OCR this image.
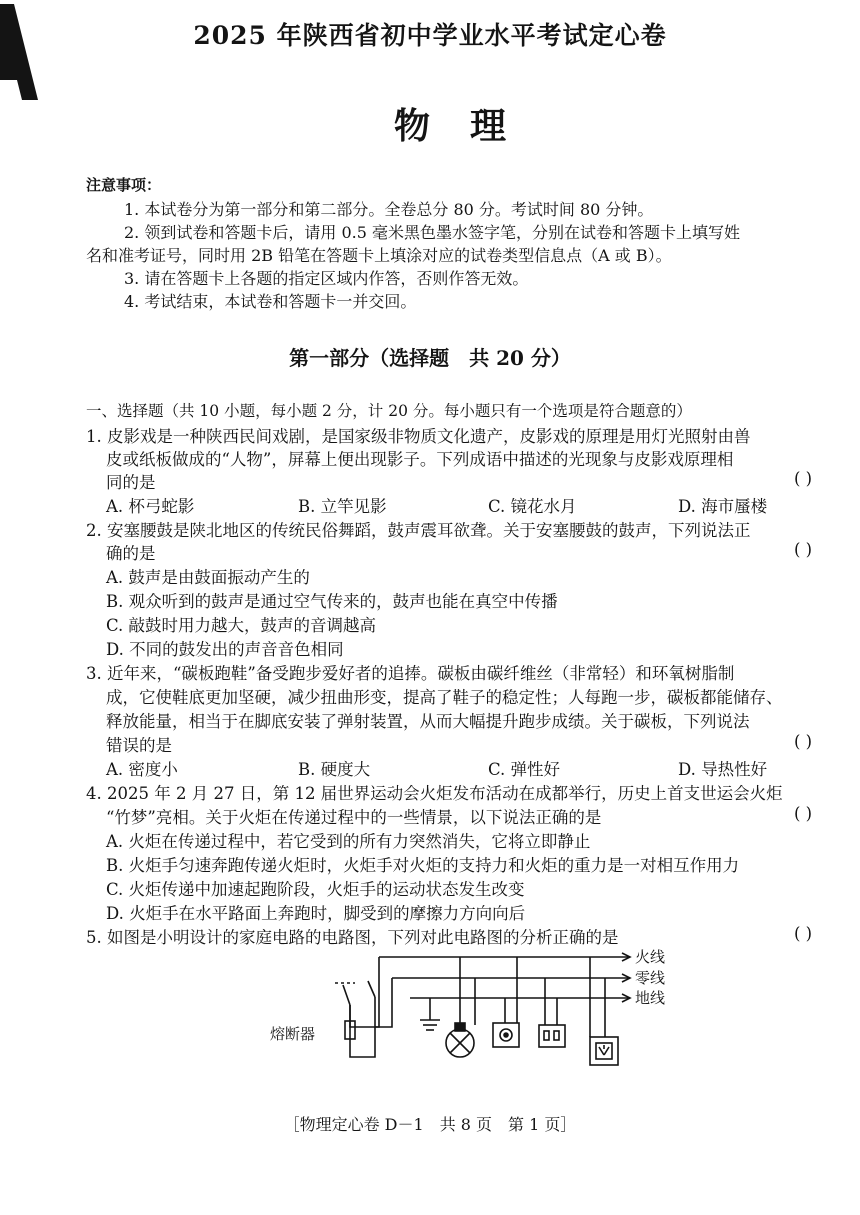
2025 年陕西省初中学业水平考试定心卷
物理
注意事项：
1. 本试卷分为第一部分和第二部分。全卷总分 80 分。考试时间 80 分钟。
2. 领到试卷和答题卡后，请用 0.5 毫米黑色墨水签字笔，分别在试卷和答题卡上填写姓
名和准考证号，同时用 2B 铅笔在答题卡上填涂对应的试卷类型信息点（A 或 B）。
3. 请在答题卡上各题的指定区域内作答，否则作答无效。
4. 考试结束，本试卷和答题卡一并交回。
第一部分（选择题　共 20 分）
一、选择题（共 10 小题，每小题 2 分，计 20 分。每小题只有一个选项是符合题意的）
1. 皮影戏是一种陕西民间戏剧，是国家级非物质文化遗产，皮影戏的原理是用灯光照射由兽
皮或纸板做成的“人物”，屏幕上便出现影子。下列成语中描述的光现象与皮影戏原理相
同的是	( )
A. 杯弓蛇影	B. 立竿见影	C. 镜花水月	D. 海市蜃楼
2. 安塞腰鼓是陕北地区的传统民俗舞蹈，鼓声震耳欲聋。关于安塞腰鼓的鼓声，下列说法正
确的是	( )
A. 鼓声是由鼓面振动产生的
B. 观众听到的鼓声是通过空气传来的，鼓声也能在真空中传播
C. 敲鼓时用力越大，鼓声的音调越高
D. 不同的鼓发出的声音音色相同
3. 近年来，“碳板跑鞋”备受跑步爱好者的追捧。碳板由碳纤维丝（非常轻）和环氧树脂制
成，它使鞋底更加坚硬，减少扭曲形变，提高了鞋子的稳定性；人每跑一步，碳板都能储存、
释放能量，相当于在脚底安装了弹射装置，从而大幅提升跑步成绩。关于碳板，下列说法
错误的是	( )
A. 密度小	B. 硬度大	C. 弹性好	D. 导热性好
4. 2025 年 2 月 27 日，第 12 届世界运动会火炬发布活动在成都举行，历史上首支世运会火炬
“竹梦”亮相。关于火炬在传递过程中的一些情景，以下说法正确的是	( )
A. 火炬在传递过程中，若它受到的所有力突然消失，它将立即静止
B. 火炬手匀速奔跑传递火炬时，火炬手对火炬的支持力和火炬的重力是一对相互作用力
C. 火炬传递中加速起跑阶段，火炬手的运动状态发生改变
D. 火炬手在水平路面上奔跑时，脚受到的摩擦力方向向后
5. 如图是小明设计的家庭电路的电路图，下列对此电路图的分析正确的是	( )
火线
零线
地线
熔断器
［物理定心卷 D－1　共 8 页　第 1 页］
